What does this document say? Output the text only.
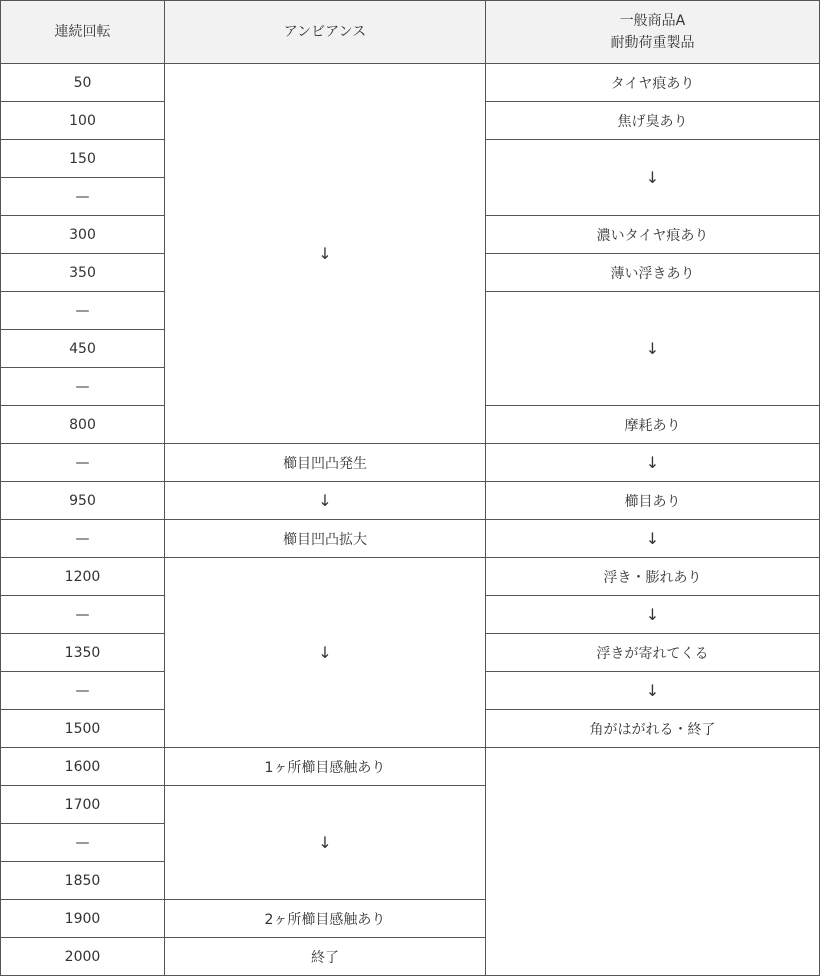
連続回転	アンビアンス	一般商品A
耐動荷重製品

50	↓	タイヤ痕あり
100		焦げ臭あり
150		↓
—		
300		濃いタイヤ痕あり
350		薄い浮きあり
—		↓
450		
—		
800		摩耗あり
—	櫛目凹凸発生	↓
950	↓	櫛目あり
—	櫛目凹凸拡大	↓
1200	↓	浮き・膨れあり
—		↓
1350		浮きが寄れてくる
—		↓
1500		角がはがれる・終了
1600	1ヶ所櫛目感触あり	
1700	↓	
—		
1850		
1900	2ヶ所櫛目感触あり	
2000	終了	
